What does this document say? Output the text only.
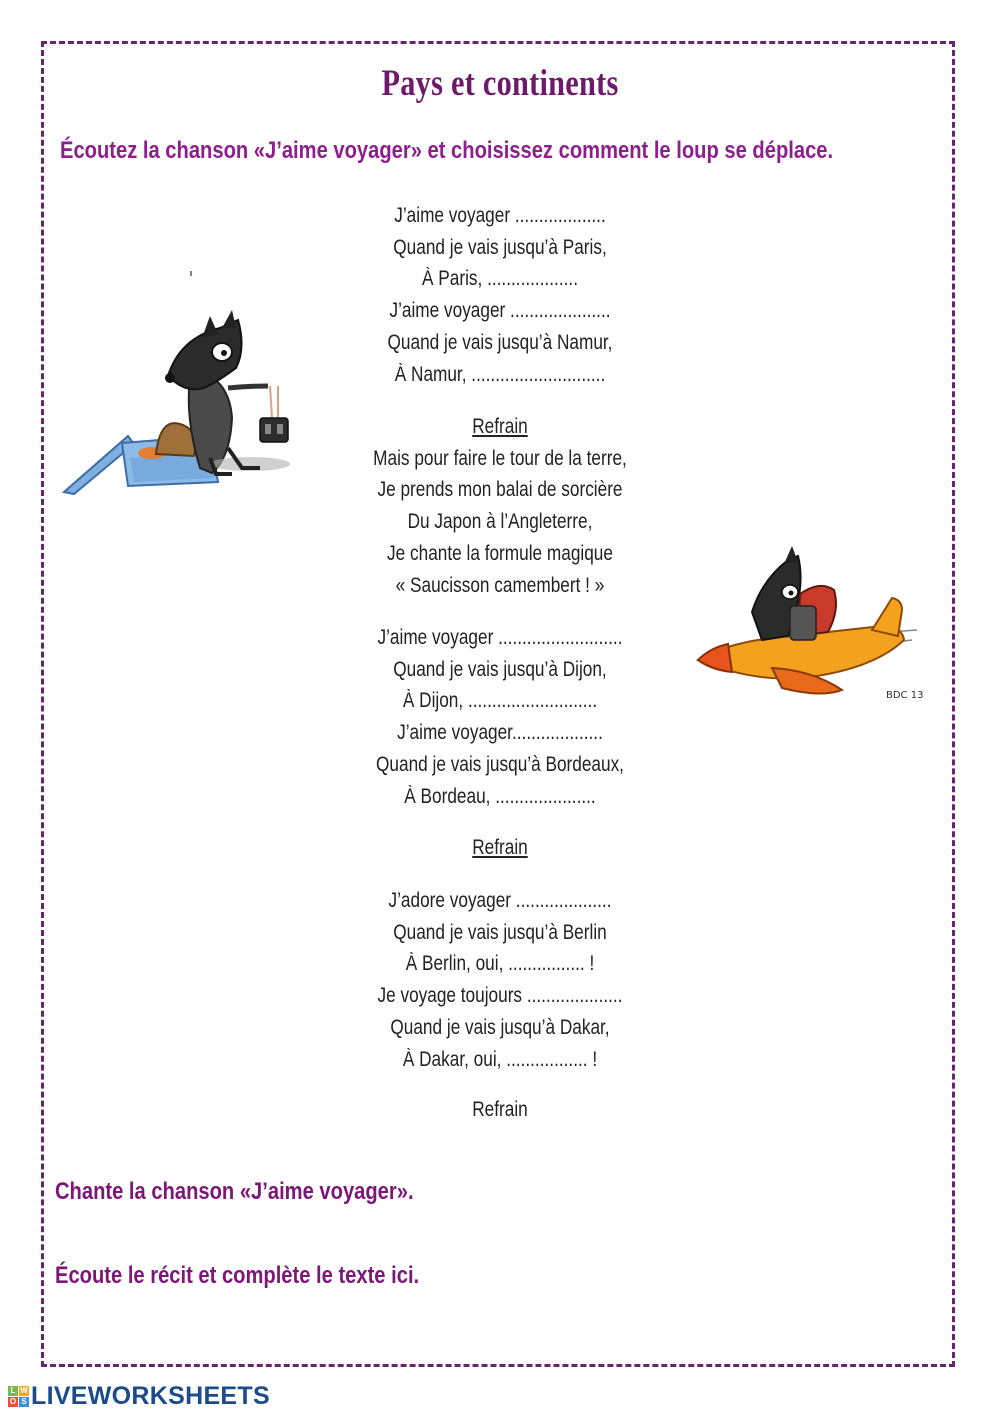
Pays et continents
Écoutez la chanson «J’aime voyager» et choisissez comment le loup se déplace.
J’aime voyager ...................
Quand je vais jusqu’à Paris,
À Paris, ...................
J’aime voyager .....................
Quand je vais jusqu’à Namur,
À Namur, ............................
Refrain
Mais pour faire le tour de la terre,
Je prends mon balai de sorcière
Du Japon à l’Angleterre,
Je chante la formule magique
« Saucisson camembert ! »
J’aime voyager ..........................
Quand je vais jusqu’à Dijon,
À Dijon, ...........................
J’aime voyager...................
Quand je vais jusqu’à Bordeaux,
À Bordeau, .....................
Refrain
J’adore voyager ....................
Quand je vais jusqu’à Berlin
À Berlin, oui, ................ !
Je voyage toujours ....................
Quand je vais jusqu’à Dakar,
À Dakar, oui, ................. !
Refrain
Chante la chanson «J’aime voyager».
Écoute le récit et complète le texte ici.
BDC 13
L W
O S LIVEWORKSHEETS
